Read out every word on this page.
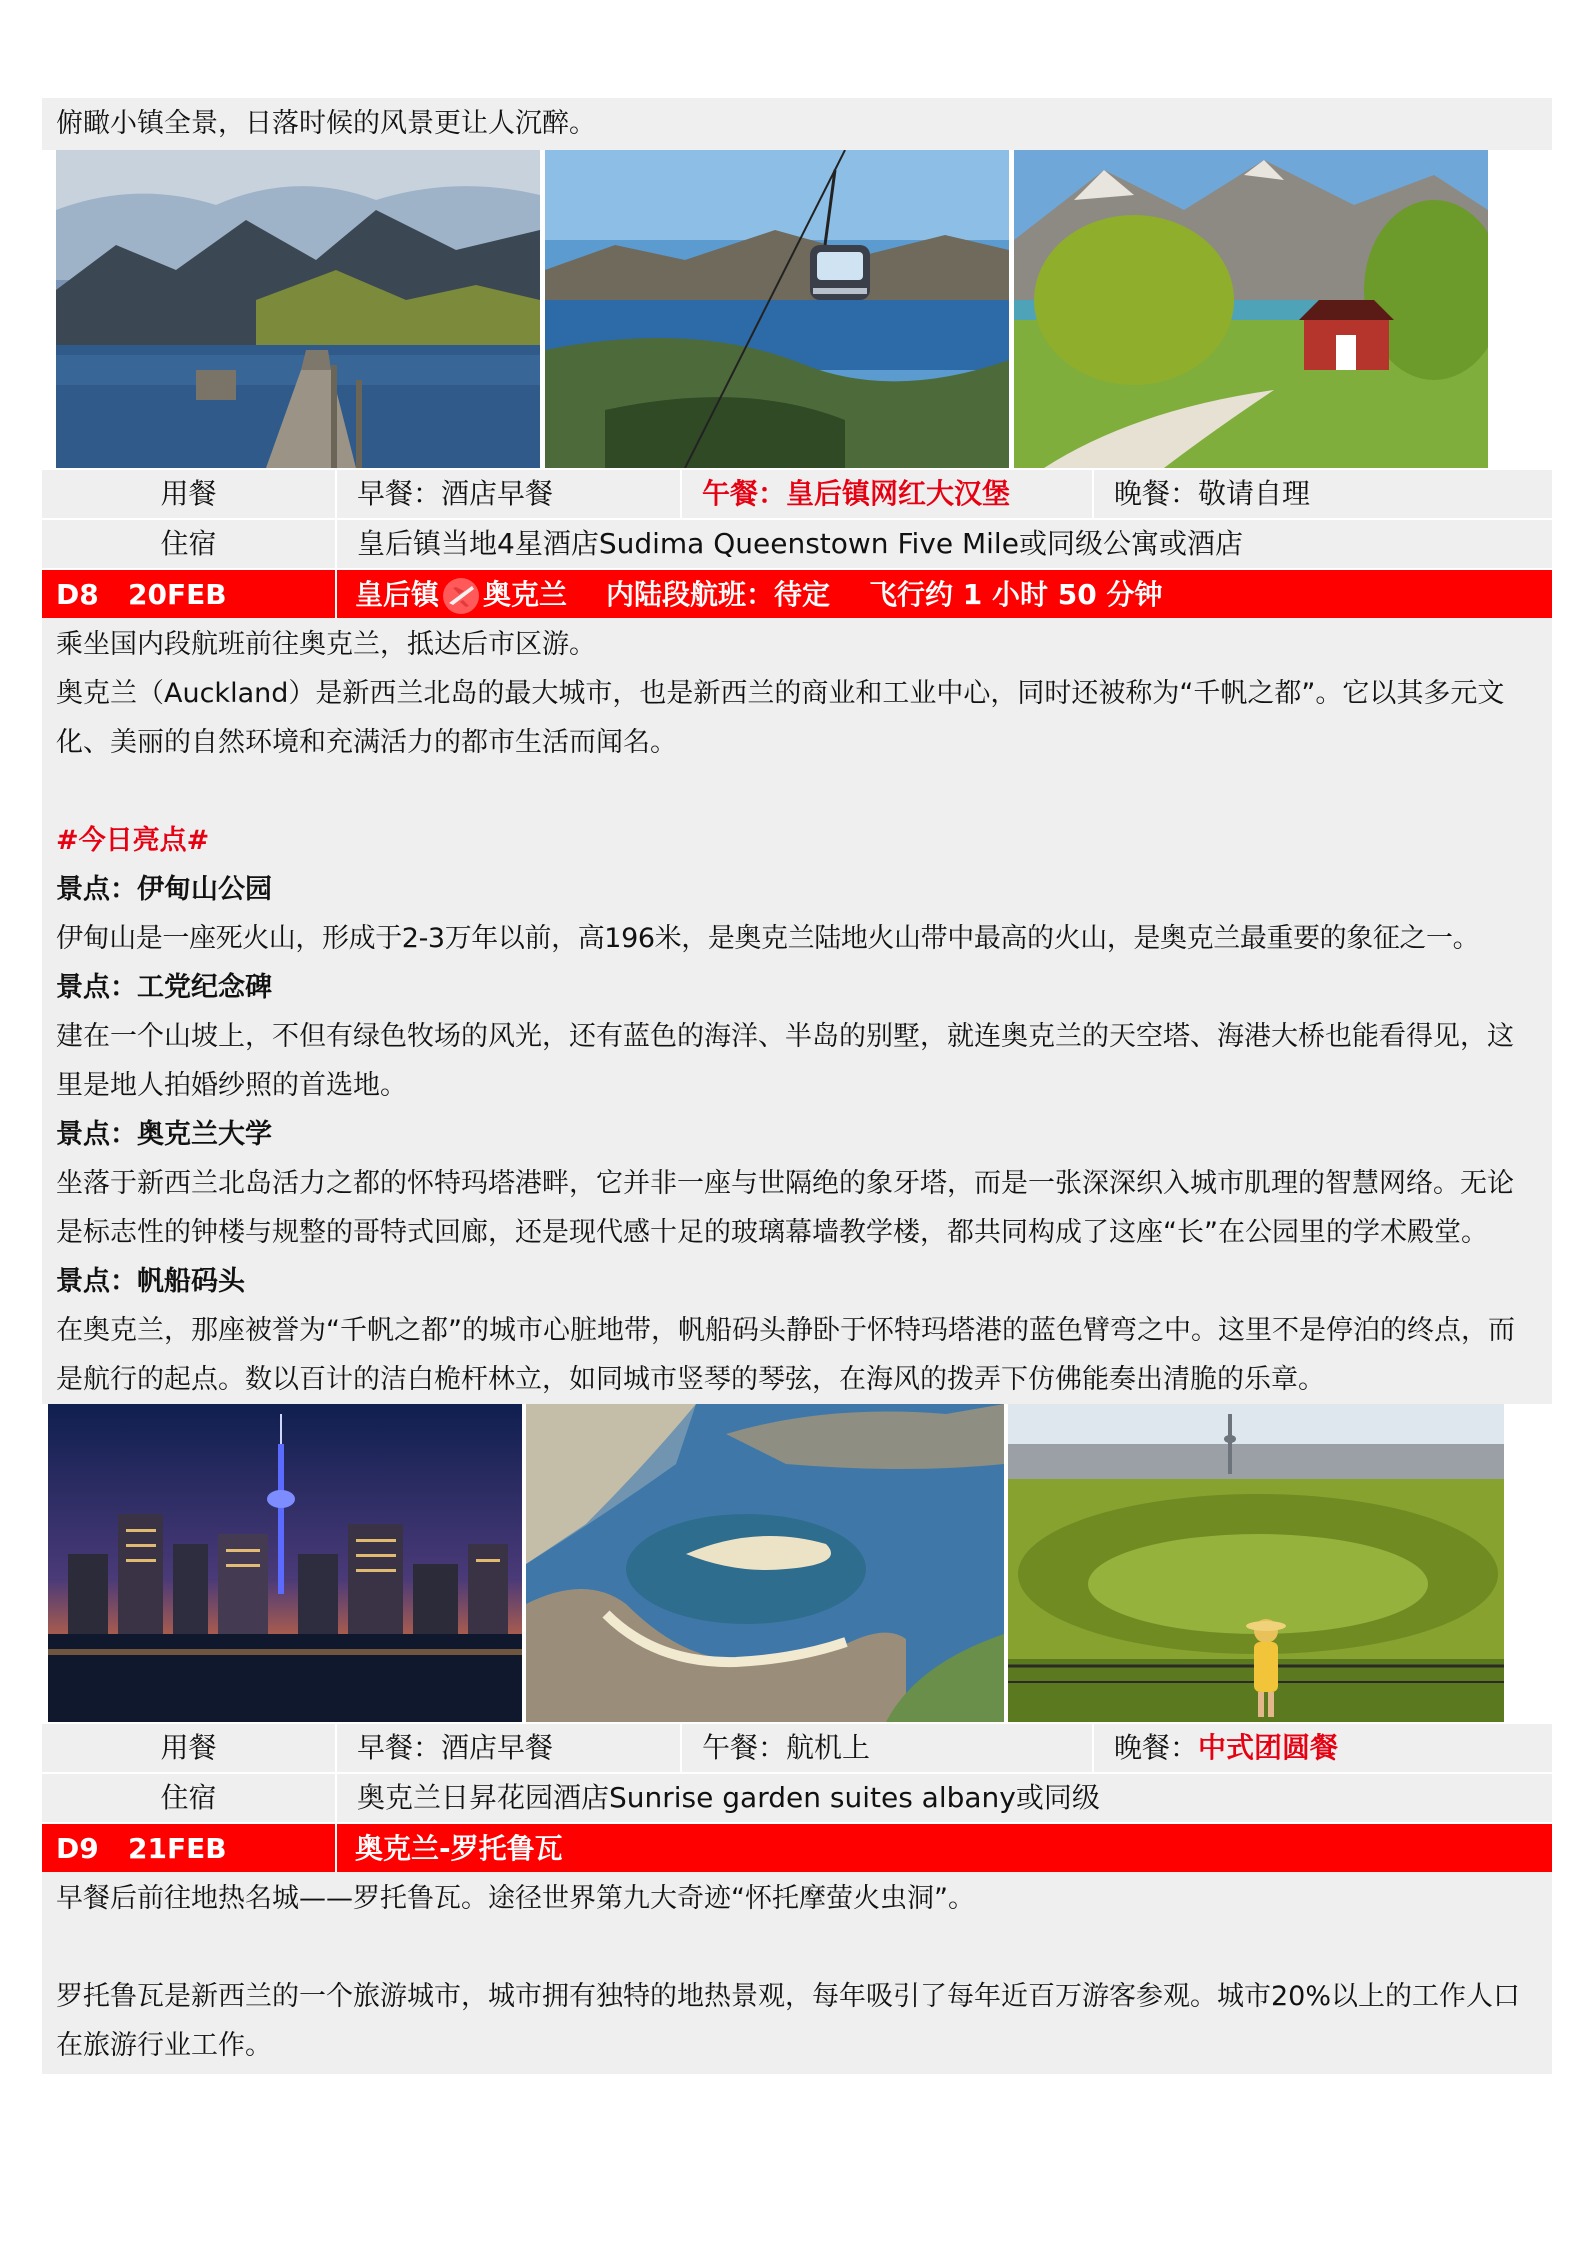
俯瞰小镇全景，日落时候的风景更让人沉醉。
用餐	早餐：酒店早餐	午餐：皇后镇网红大汉堡	晚餐：敬请自理
住宿	皇后镇当地4星酒店Sudima Queenstown Five Mile或同级公寓或酒店
D8 20FEB	皇后镇 奥克兰 内陆段航班：待定 飞行约 1 小时 50 分钟
乘坐国内段航班前往奥克兰，抵达后市区游。
奥克兰（Auckland）是新西兰北岛的最大城市，也是新西兰的商业和工业中心，同时还被称为“千帆之都”。它以其多元文化、美丽的自然环境和充满活力的都市生活而闻名。
#今日亮点#
景点：伊甸山公园
伊甸山是一座死火山，形成于2-3万年以前，高196米，是奥克兰陆地火山带中最高的火山，是奥克兰最重要的象征之一。
景点：工党纪念碑
建在一个山坡上，不但有绿色牧场的风光，还有蓝色的海洋、半岛的别墅，就连奥克兰的天空塔、海港大桥也能看得见，这里是地人拍婚纱照的首选地。
景点：奥克兰大学
坐落于新西兰北岛活力之都的怀特玛塔港畔，它并非一座与世隔绝的象牙塔，而是一张深深织入城市肌理的智慧网络。无论是标志性的钟楼与规整的哥特式回廊，还是现代感十足的玻璃幕墙教学楼，都共同构成了这座“长”在公园里的学术殿堂。
景点：帆船码头
在奥克兰，那座被誉为“千帆之都”的城市心脏地带，帆船码头静卧于怀特玛塔港的蓝色臂弯之中。这里不是停泊的终点，而是航行的起点。数以百计的洁白桅杆林立，如同城市竖琴的琴弦，在海风的拨弄下仿佛能奏出清脆的乐章。
用餐	早餐：酒店早餐	午餐：航机上	晚餐：中式团圆餐
住宿	奥克兰日昇花园酒店Sunrise garden suites albany或同级
D9 21FEB	奥克兰-罗托鲁瓦
早餐后前往地热名城——罗托鲁瓦。途径世界第九大奇迹“怀托摩萤火虫洞”。
罗托鲁瓦是新西兰的一个旅游城市，城市拥有独特的地热景观，每年吸引了每年近百万游客参观。城市20%以上的工作人口在旅游行业工作。
